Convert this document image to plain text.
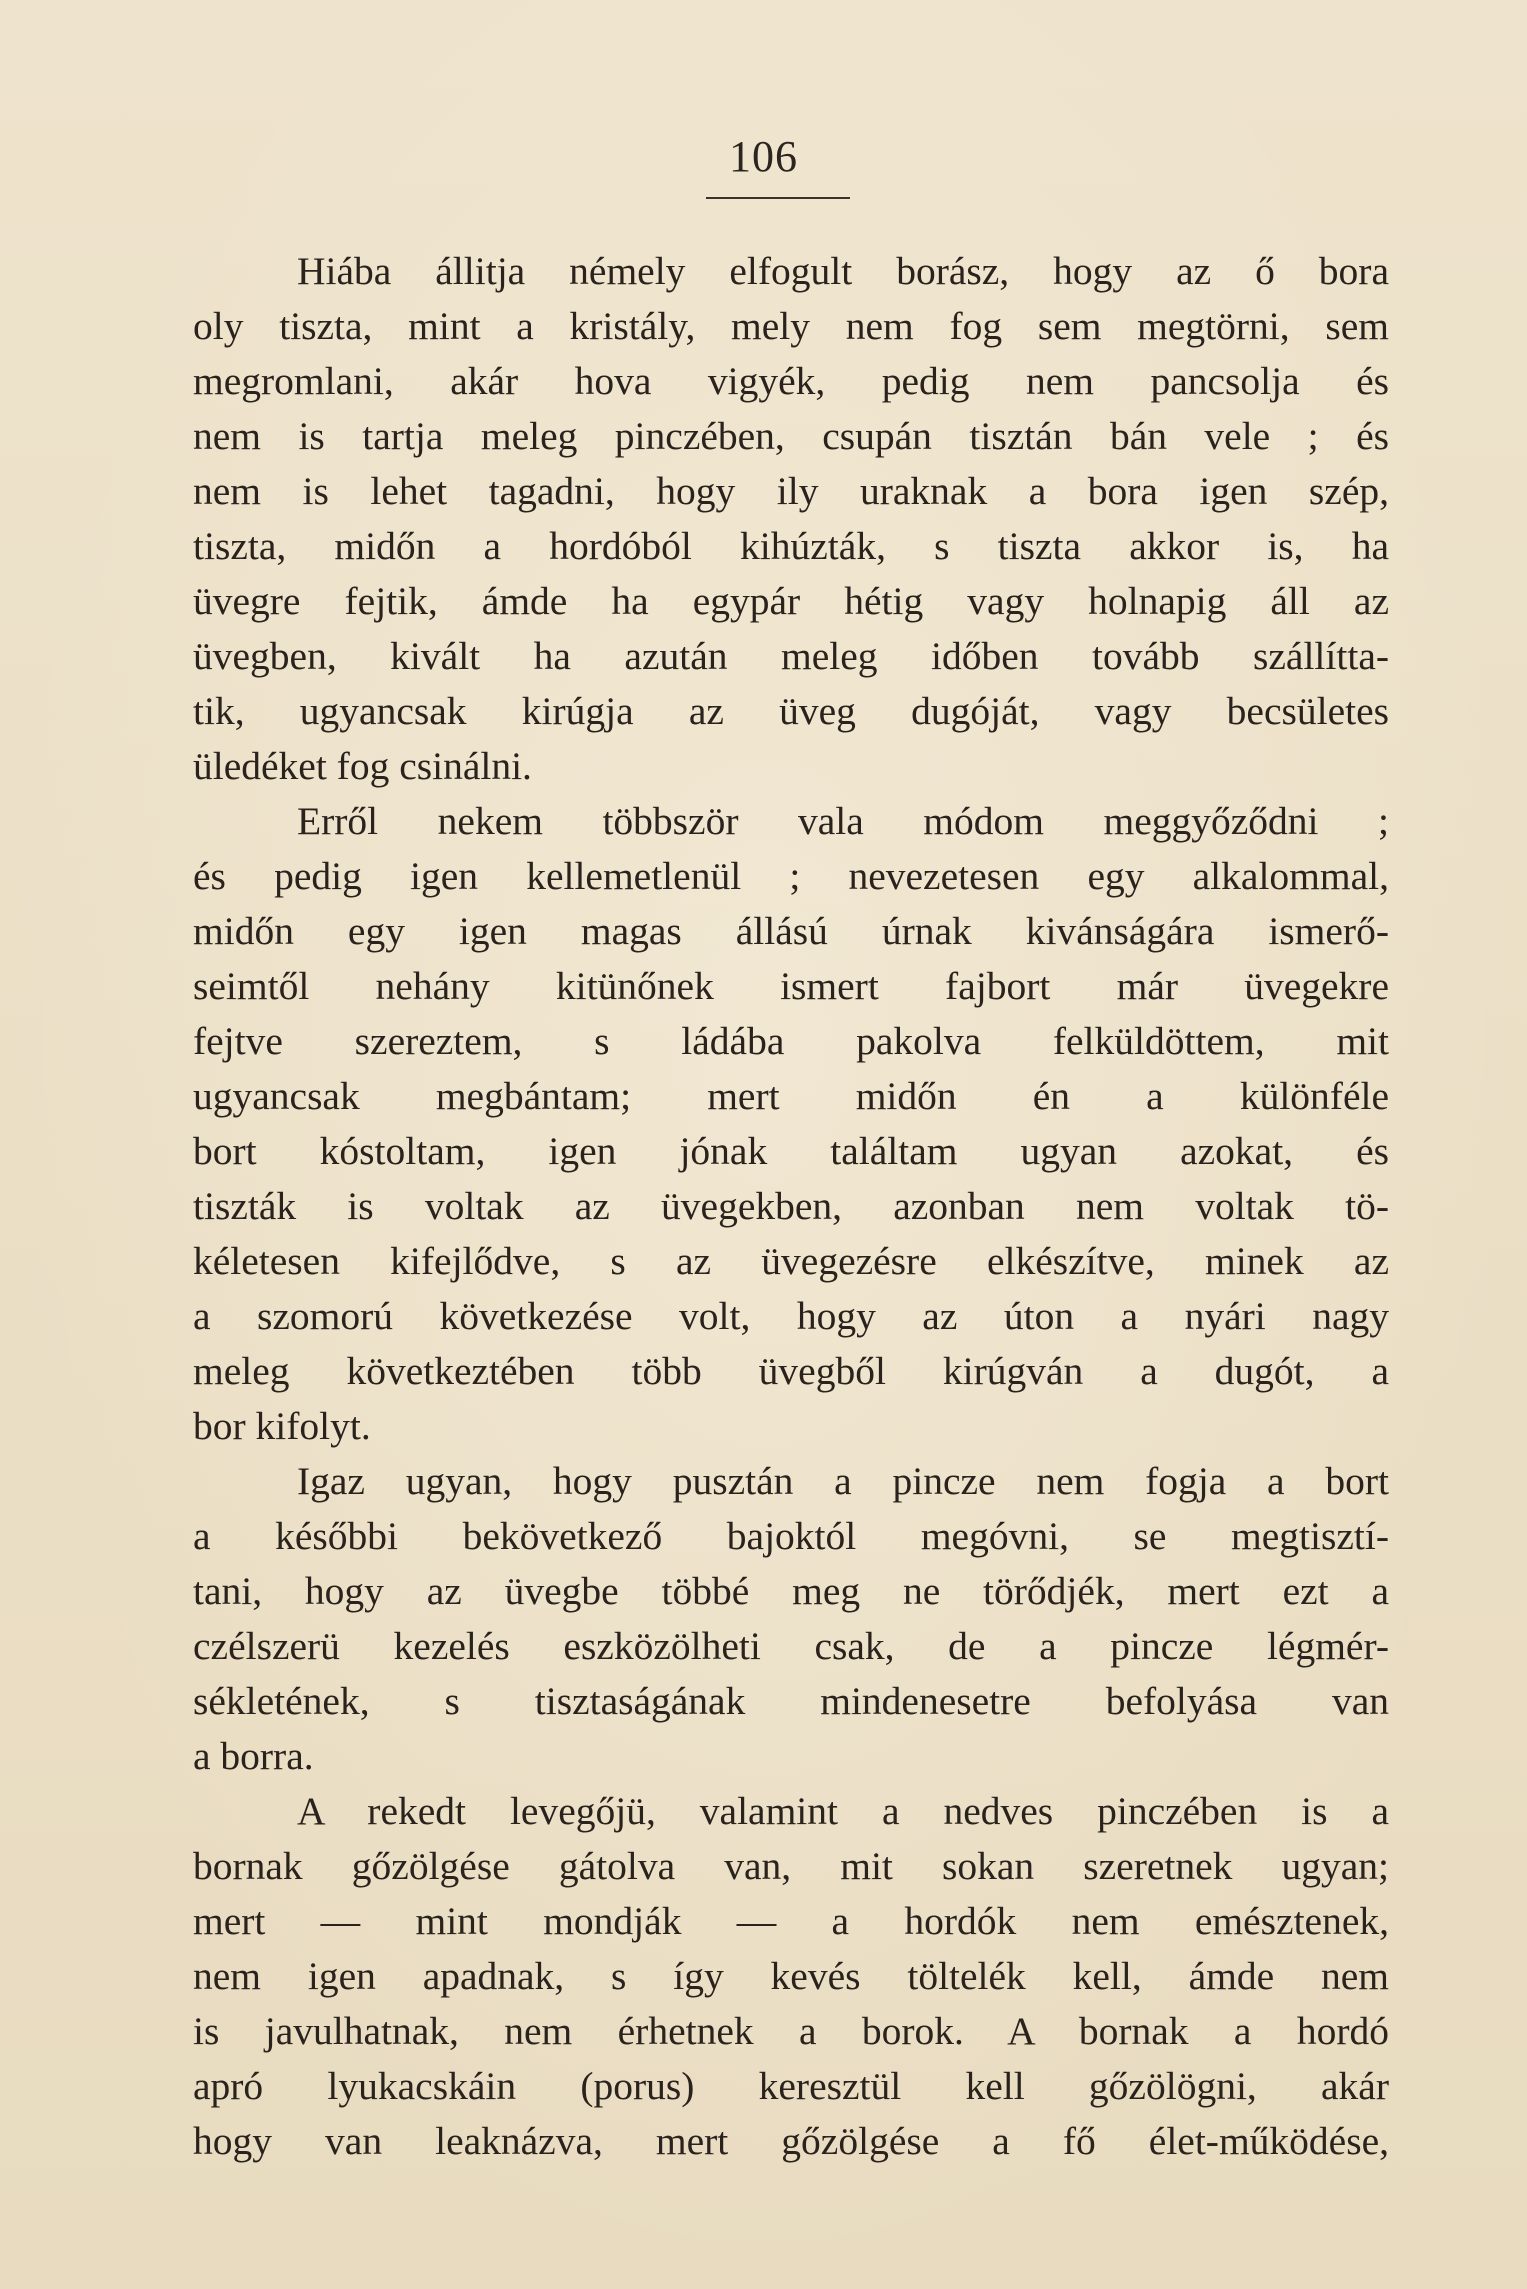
106
Hiába állitja némely elfogult borász, hogy az ő bora
oly tiszta, mint a kristály, mely nem fog sem megtörni, sem
megromlani, akár hova vigyék, pedig nem pancsolja és
nem is tartja meleg pinczében, csupán tisztán bán vele ; és
nem is lehet tagadni, hogy ily uraknak a bora igen szép,
tiszta, midőn a hordóból kihúzták, s tiszta akkor is, ha
üvegre fejtik, ámde ha egypár hétig vagy holnapig áll az
üvegben, kivált ha azután meleg időben tovább szállítta-
tik, ugyancsak kirúgja az üveg dugóját, vagy becsületes
üledéket fog csinálni.
Erről nekem többször vala módom meggyőződni ;
és pedig igen kellemetlenül ; nevezetesen egy alkalommal,
midőn egy igen magas állású úrnak kivánságára ismerő-
seimtől nehány kitünőnek ismert fajbort már üvegekre
fejtve szereztem, s ládába pakolva felküldöttem, mit
ugyancsak megbántam; mert midőn én a különféle
bort kóstoltam, igen jónak találtam ugyan azokat, és
tiszták is voltak az üvegekben, azonban nem voltak tö-
kéletesen kifejlődve, s az üvegezésre elkészítve, minek az
a szomorú következése volt, hogy az úton a nyári nagy
meleg következtében több üvegből kirúgván a dugót, a
bor kifolyt.
Igaz ugyan, hogy pusztán a pincze nem fogja a bort
a későbbi bekövetkező bajoktól megóvni, se megtisztí-
tani, hogy az üvegbe többé meg ne törődjék, mert ezt a
czélszerü kezelés eszközölheti csak, de a pincze légmér-
sékletének, s tisztaságának mindenesetre befolyása van
a borra.
A rekedt levegőjü, valamint a nedves pinczében is a
bornak gőzölgése gátolva van, mit sokan szeretnek ugyan;
mert — mint mondják — a hordók nem emésztenek,
nem igen apadnak, s így kevés töltelék kell, ámde nem
is javulhatnak, nem érhetnek a borok. A bornak a hordó
apró lyukacskáin (porus) keresztül kell gőzölögni, akár
hogy van leaknázva, mert gőzölgése a fő élet-működése,
